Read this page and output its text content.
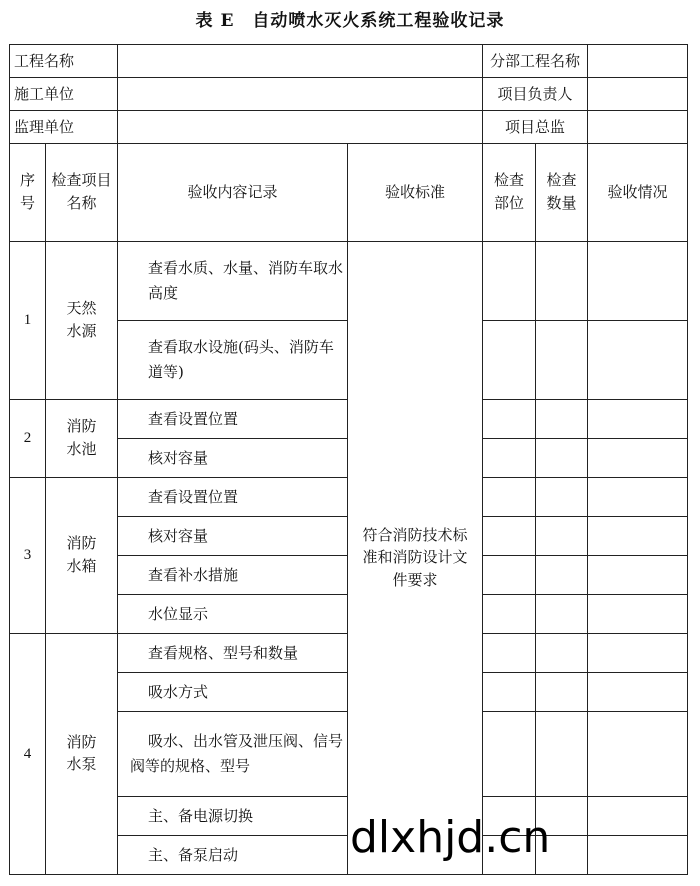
表 E　自动喷水灭火系统工程验收记录
工程名称				分部工程名称		
施工单位				项目负责人		
监理单位				项目总监		
序号	检查项目名称	验收内容记录	验收标准	检查部位	检查数量	验收情况
1	天然水源	查看水质、水量、消防车取水高度	符合消防技术标准和消防设计文件要求			
		查看取水设施(码头、消防车道等)				
2	消防水池	查看设置位置				
		核对容量				
3	消防水箱	查看设置位置				
		核对容量				
		查看补水措施				
		水位显示				
4	消防水泵	查看规格、型号和数量				
		吸水方式				

		吸水、出水管及泄压阀、信号阀等的规格、型号				

		主、备电源切换				
		主、备泵启动					dlxhjd.cn
